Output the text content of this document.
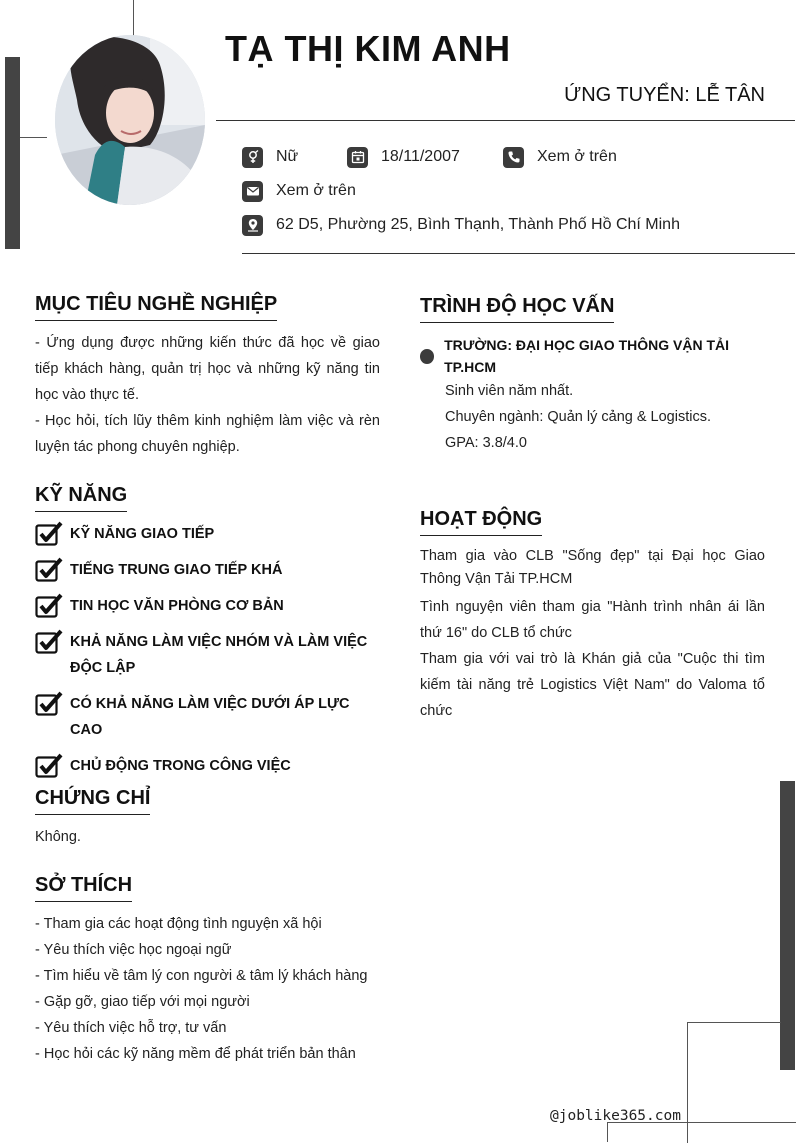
TẠ THỊ KIM ANH
ỨNG TUYỂN: LỄ TÂN
Nữ	18/11/2007	Xem ở trên
Xem ở trên
62 D5, Phường 25, Bình Thạnh, Thành Phố Hồ Chí Minh
MỤC TIÊU NGHỀ NGHIỆP
- Ứng dụng được những kiến thức đã học về giao tiếp khách hàng, quản trị học và những kỹ năng tin học vào thực tế.
- Học hỏi, tích lũy thêm kinh nghiệm làm việc và rèn luyện tác phong chuyên nghiệp.
KỸ NĂNG
KỸ NĂNG GIAO TIẾP
TIẾNG TRUNG GIAO TIẾP KHÁ
TIN HỌC VĂN PHÒNG CƠ BẢN
KHẢ NĂNG LÀM VIỆC NHÓM VÀ LÀM VIỆC ĐỘC LẬP
CÓ KHẢ NĂNG LÀM VIỆC DƯỚI ÁP LỰC CAO
CHỦ ĐỘNG TRONG CÔNG VIỆC
CHỨNG CHỈ
Không.
SỞ THÍCH
- Tham gia các hoạt động tình nguyện xã hội
- Yêu thích việc học ngoại ngữ
- Tìm hiểu về tâm lý con người & tâm lý khách hàng
- Gặp gỡ, giao tiếp với mọi người
- Yêu thích việc hỗ trợ, tư vấn
- Học hỏi các kỹ năng mềm để phát triển bản thân
TRÌNH ĐỘ HỌC VẤN
TRƯỜNG: ĐẠI HỌC GIAO THÔNG VẬN TẢI TP.HCM
Sinh viên năm nhất.
Chuyên ngành: Quản lý cảng & Logistics.
GPA: 3.8/4.0
HOẠT ĐỘNG
Tham gia vào CLB "Sống đẹp" tại Đại học Giao Thông Vận Tải TP.HCM
Tình nguyện viên tham gia "Hành trình nhân ái lần thứ 16" do CLB tổ chức
Tham gia với vai trò là Khán giả của "Cuộc thi tìm kiếm tài năng trẻ Logistics Việt Nam" do Valoma tổ chức
@joblike365.com
